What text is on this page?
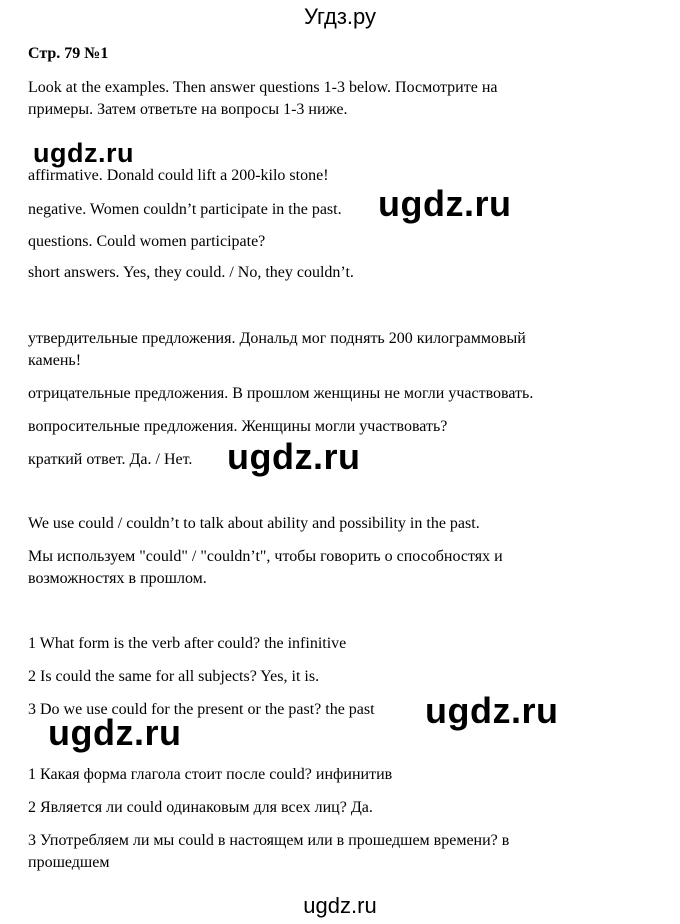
Угдз.ру
Стр. 79 №1
Look at the examples. Then answer questions 1-3 below. Посмотрите на
примеры. Затем ответьте на вопросы 1-3 ниже.
ugdz.ru
affirmative. Donald could lift a 200-kilo stone!
negative. Women couldn’t participate in the past. ugdz.ru
questions. Could women participate?
short answers. Yes, they could. / No, they couldn’t.
утвердительные предложения. Дональд мог поднять 200 килограммовый
камень!
отрицательные предложения. В прошлом женщины не могли участвовать.
вопросительные предложения. Женщины могли участвовать?
краткий ответ. Да. / Нет. ugdz.ru
We use could / couldn’t to talk about ability and possibility in the past.
Мы используем "could" / "couldn’t", чтобы говорить о способностях и
возможностях в прошлом.
1 What form is the verb after could? the infinitive
2 Is could the same for all subjects? Yes, it is.
3 Do we use could for the present or the past? the past ugdz.ru
ugdz.ru
1 Какая форма глагола стоит после could? инфинитив
2 Является ли could одинаковым для всех лиц? Да.
3 Употребляем ли мы could в настоящем или в прошедшем времени? в
прошедшем
ugdz.ru
